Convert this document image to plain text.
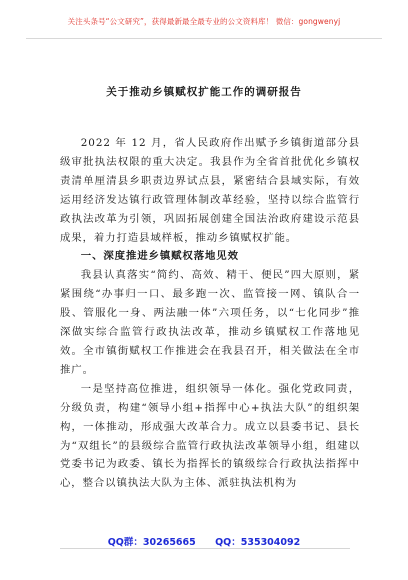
关注头条号“公文研究”，获得最新最全最专业的公文资料库！ 微信：gongwenyj
关于推动乡镇赋权扩能工作的调研报告

2022 年 12 月，省人民政府作出赋予乡镇街道部分县级审批执法权限的重大决定。我县作为全省首批优化乡镇权责清单厘清县乡职责边界试点县，紧密结合县域实际，有效运用经济发达镇行政管理体制改革经验，坚持以综合监管行政执法改革为引领，巩固拓展创建全国法治政府建设示范县成果，着力打造县域样板，推动乡镇赋权扩能。

一、深度推进乡镇赋权落地见效

我县认真落实“简约、高效、精干、便民”四大原则，紧紧围绕“办事归一口、最多跑一次、监管接一网、镇队合一股、管服化一身、两法融一体”六项任务，以“七化同步”推深做实综合监管行政执法改革，推动乡镇赋权工作落地见效。全市镇街赋权工作推进会在我县召开，相关做法在全市推广。

一是坚持高位推进，组织领导一体化。强化党政同责，分级负责，构建“领导小组+指挥中心+执法大队”的组织架构，一体推动，形成强大改革合力。成立以县委书记、县长为“双组长”的县级综合监管行政执法改革领导小组，组建以党委书记为政委、镇长为指挥长的镇级综合行政执法指挥中心，整合以镇执法大队为主体、派驻执法机构为

QQ群：30265665 QQ：535304092
